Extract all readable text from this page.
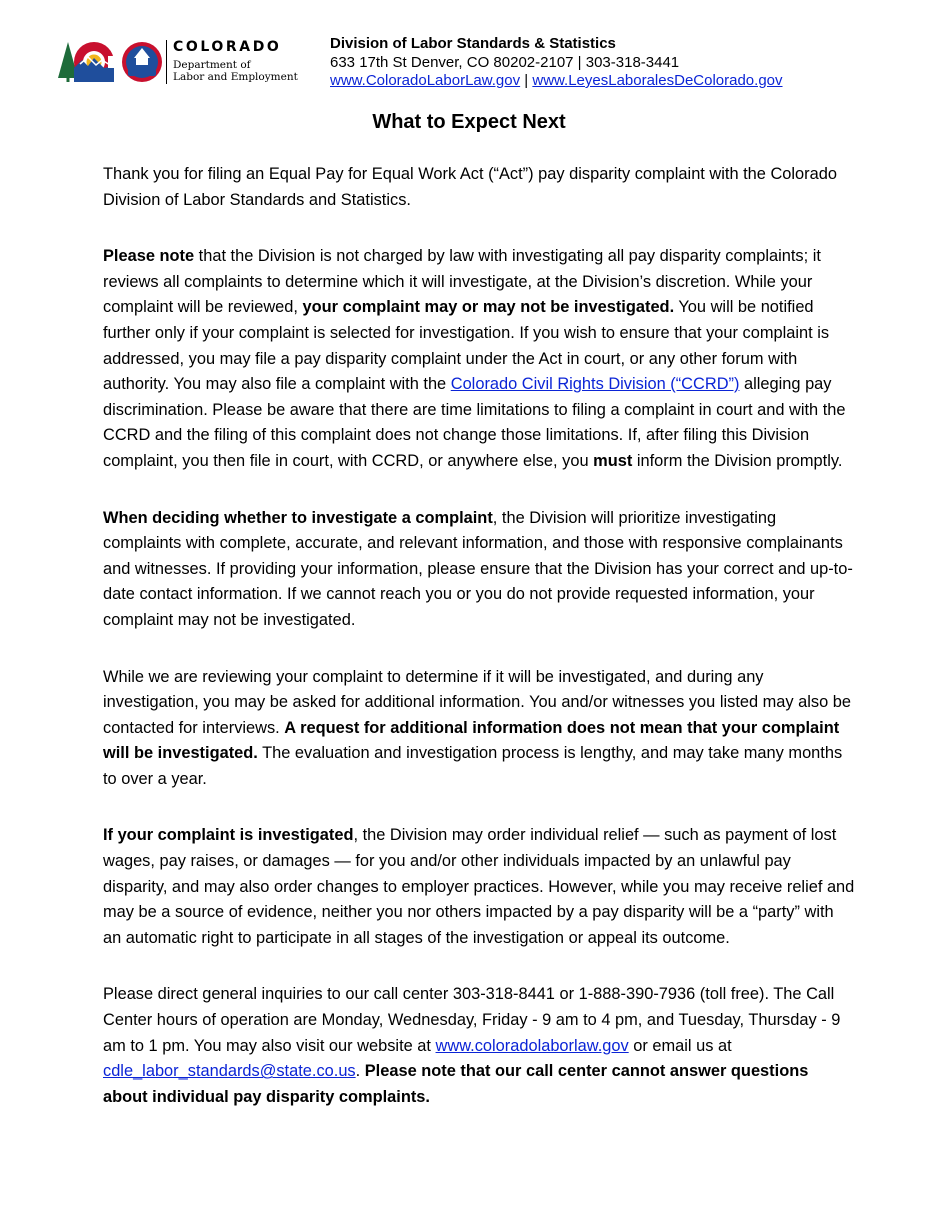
COLORADO
Department of
Labor and Employment
Division of Labor Standards & Statistics
633 17th St Denver, CO 80202-2107 | 303-318-3441
www.ColoradoLaborLaw.gov | www.LeyesLaboralesDeColorado.gov
What to Expect Next

Thank you for filing an Equal Pay for Equal Work Act (“Act”) pay disparity complaint with the Colorado Division of Labor Standards and Statistics.

Please note that the Division is not charged by law with investigating all pay disparity complaints; it reviews all complaints to determine which it will investigate, at the Division’s discretion. While your complaint will be reviewed, your complaint may or may not be investigated. You will be notified further only if your complaint is selected for investigation. If you wish to ensure that your complaint is addressed, you may file a pay disparity complaint under the Act in court, or any other forum with authority. You may also file a complaint with the Colorado Civil Rights Division (“CCRD”) alleging pay discrimination. Please be aware that there are time limitations to filing a complaint in court and with the CCRD and the filing of this complaint does not change those limitations. If, after filing this Division complaint, you then file in court, with CCRD, or anywhere else, you must inform the Division promptly.

When deciding whether to investigate a complaint, the Division will prioritize investigating complaints with complete, accurate, and relevant information, and those with responsive complainants and witnesses. If providing your information, please ensure that the Division has your correct and up-to-date contact information. If we cannot reach you or you do not provide requested information, your complaint may not be investigated.

While we are reviewing your complaint to determine if it will be investigated, and during any investigation, you may be asked for additional information. You and/or witnesses you listed may also be contacted for interviews. A request for additional information does not mean that your complaint will be investigated. The evaluation and investigation process is lengthy, and may take many months to over a year.

If your complaint is investigated, the Division may order individual relief — such as payment of lost wages, pay raises, or damages — for you and/or other individuals impacted by an unlawful pay disparity, and may also order changes to employer practices. However, while you may receive relief and may be a source of evidence, neither you nor others impacted by a pay disparity will be a “party” with an automatic right to participate in all stages of the investigation or appeal its outcome.

Please direct general inquiries to our call center 303-318-8441 or 1-888-390-7936 (toll free). The Call Center hours of operation are Monday, Wednesday, Friday - 9 am to 4 pm, and Tuesday, Thursday - 9 am to 1 pm. You may also visit our website at www.coloradolaborlaw.gov or email us at cdle_labor_standards@state.co.us. Please note that our call center cannot answer questions about individual pay disparity complaints.
